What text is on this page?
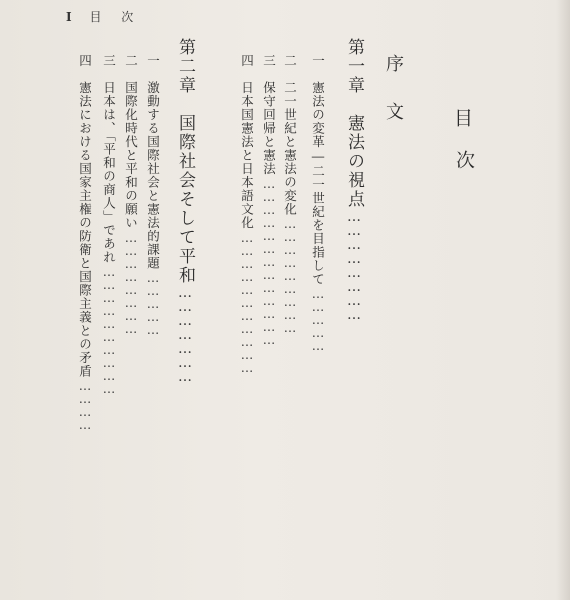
I 目 次
目
次
序　文
第一章　憲法の視点……………………
一　憲法の変革―二一世紀を目指して……………
二　二一世紀と憲法の変化………………………
三　保守回帰と憲法…………………………………
四　日本国憲法と日本語文化……………………………
第二章　国際社会そして平和…………………
一　激動する国際社会と憲法的課題……………
二　国際化時代と平和の願い……………………
三　日本は、「平和の商人」であれ…………………………
四　憲法における国家主権の防衛と国際主義との矛盾…………
